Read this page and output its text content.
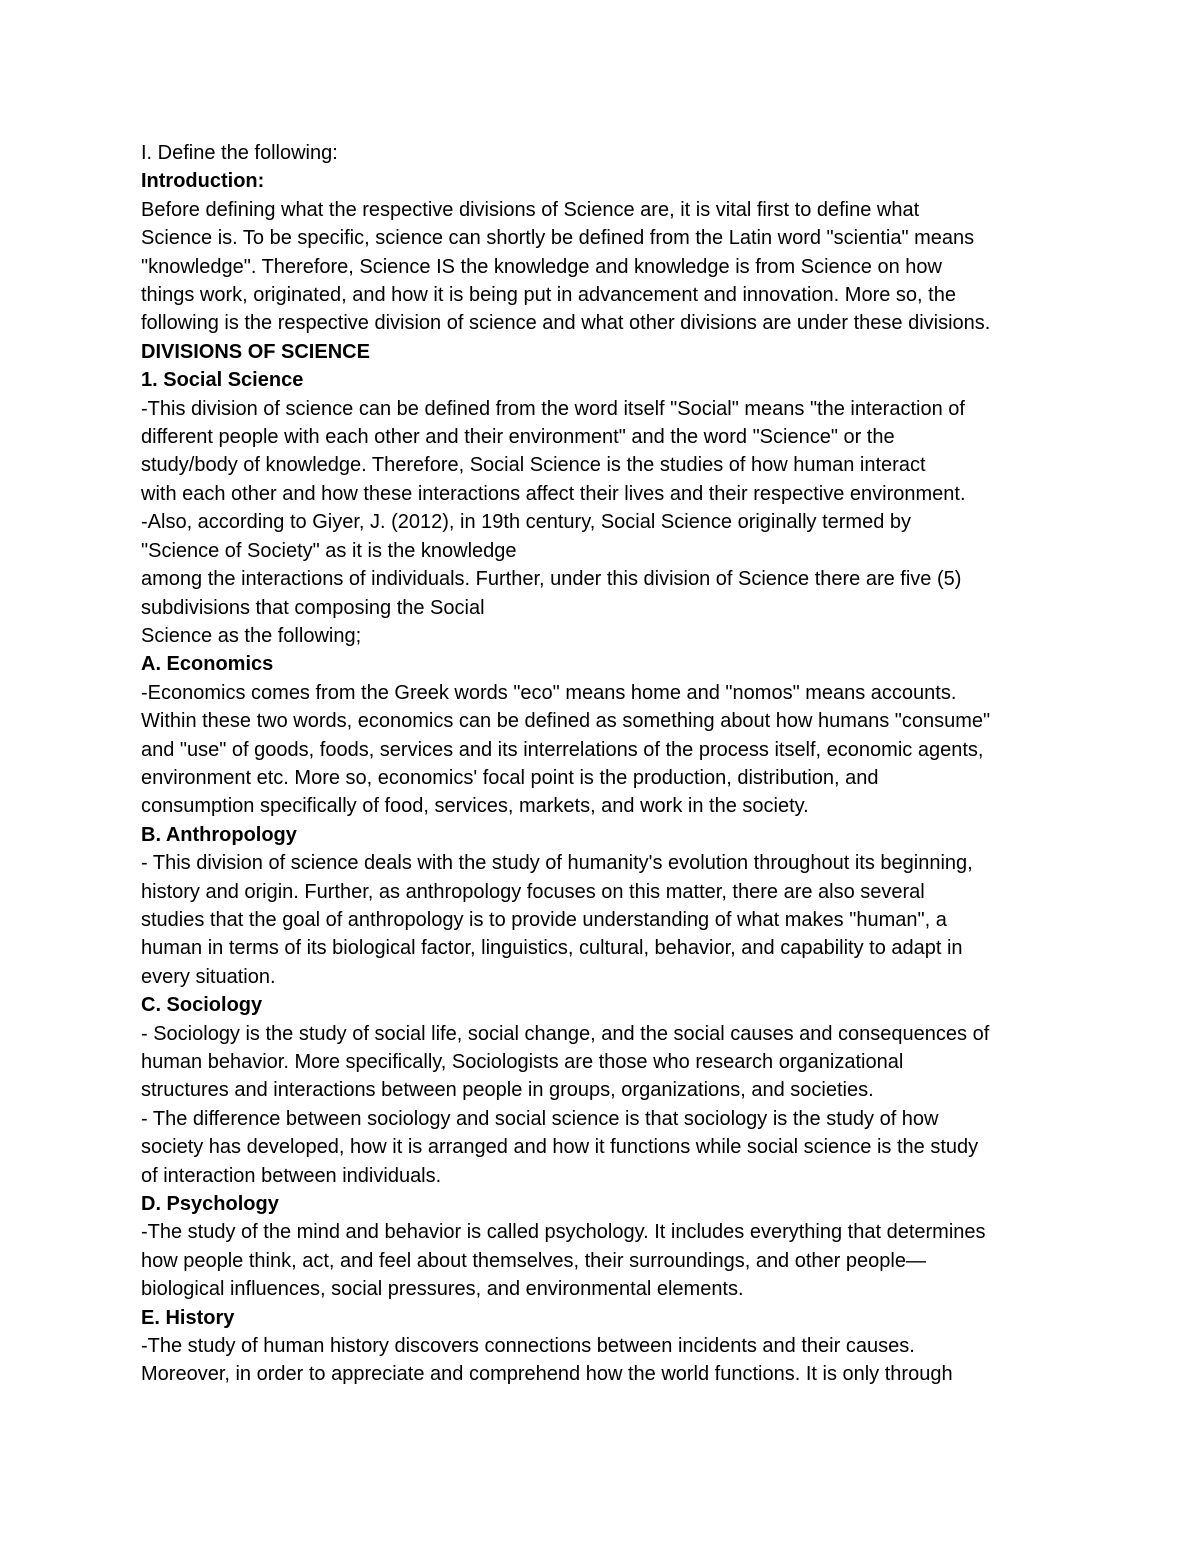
I. Define the following:
Introduction:
Before defining what the respective divisions of Science are, it is vital first to define what
Science is. To be specific, science can shortly be defined from the Latin word "scientia" means
"knowledge". Therefore, Science IS the knowledge and knowledge is from Science on how
things work, originated, and how it is being put in advancement and innovation. More so, the
following is the respective division of science and what other divisions are under these divisions.
DIVISIONS OF SCIENCE
1. Social Science
-This division of science can be defined from the word itself "Social" means "the interaction of
different people with each other and their environment" and the word "Science" or the
study/body of knowledge. Therefore, Social Science is the studies of how human interact
with each other and how these interactions affect their lives and their respective environment.
-Also, according to Giyer, J. (2012), in 19th century, Social Science originally termed by
"Science of Society" as it is the knowledge
among the interactions of individuals. Further, under this division of Science there are five (5)
subdivisions that composing the Social
Science as the following;
A. Economics
-Economics comes from the Greek words "eco" means home and "nomos" means accounts.
Within these two words, economics can be defined as something about how humans "consume"
and "use" of goods, foods, services and its interrelations of the process itself, economic agents,
environment etc. More so, economics' focal point is the production, distribution, and
consumption specifically of food, services, markets, and work in the society.
B. Anthropology
- This division of science deals with the study of humanity's evolution throughout its beginning,
history and origin. Further, as anthropology focuses on this matter, there are also several
studies that the goal of anthropology is to provide understanding of what makes "human", a
human in terms of its biological factor, linguistics, cultural, behavior, and capability to adapt in
every situation.
C. Sociology
- Sociology is the study of social life, social change, and the social causes and consequences of
human behavior. More specifically, Sociologists are those who research organizational
structures and interactions between people in groups, organizations, and societies.
- The difference between sociology and social science is that sociology is the study of how
society has developed, how it is arranged and how it functions while social science is the study
of interaction between individuals.
D. Psychology
-The study of the mind and behavior is called psychology. It includes everything that determines
how people think, act, and feel about themselves, their surroundings, and other people—
biological influences, social pressures, and environmental elements.
E. History
-The study of human history discovers connections between incidents and their causes.
Moreover, in order to appreciate and comprehend how the world functions. It is only through
